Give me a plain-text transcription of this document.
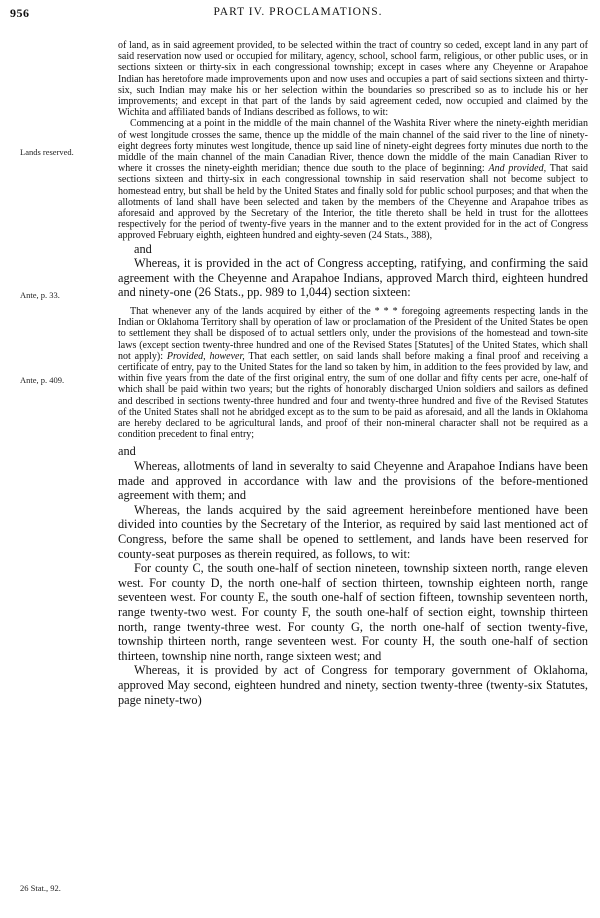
956	PART IV. PROCLAMATIONS.
Lands reserved.
Ante, p. 33.
Ante, p. 409.
26 Stat., 92.

of land, as in said agreement provided, to be selected within the tract of country so ceded, except land in any part of said reservation now used or occupied for military, agency, school, school farm, religious, or other public uses, or in sections sixteen or thirty-six in each congressional township; except in cases where any Cheyenne or Arapahoe Indian has heretofore made improvements upon and now uses and occupies a part of said sections sixteen and thirty-six, such Indian may make his or her selection within the boundaries so prescribed so as to include his or her improvements; and except in that part of the lands by said agreement ceded, now occupied and claimed by the Wichita and affiliated bands of Indians described as follows, to wit:

Commencing at a point in the middle of the main channel of the Washita River where the ninety-eighth meridian of west longitude crosses the same, thence up the middle of the main channel of the said river to the line of ninety-eight degrees forty minutes west longitude, thence up said line of ninety-eight degrees forty minutes due north to the middle of the main channel of the main Canadian River, thence down the middle of the main Canadian River to where it crosses the ninety-eighth meridian; thence due south to the place of beginning: And provided, That said sections sixteen and thirty-six in each congressional township in said reservation shall not become subject to homestead entry, but shall be held by the United States and finally sold for public school purposes; and that when the allotments of land shall have been selected and taken by the members of the Cheyenne and Arapahoe tribes as aforesaid and approved by the Secretary of the Interior, the title thereto shall be held in trust for the allottees respectively for the period of twenty-five years in the manner and to the extent provided for in the act of Congress approved February eighth, eighteen hundred and eighty-seven (24 Stats., 388),

and

Whereas, it is provided in the act of Congress accepting, ratifying, and confirming the said agreement with the Cheyenne and Arapahoe Indians, approved March third, eighteen hundred and ninety-one (26 Stats., pp. 989 to 1,044) section sixteen:

That whenever any of the lands acquired by either of the * * * foregoing agreements respecting lands in the Indian or Oklahoma Territory shall by operation of law or proclamation of the President of the United States be open to settlement they shall be disposed of to actual settlers only, under the provisions of the homestead and town-site laws (except section twenty-three hundred and one of the Revised States [Statutes] of the United States, which shall not apply): Provided, however, That each settler, on said lands shall before making a final proof and receiving a certificate of entry, pay to the United States for the land so taken by him, in addition to the fees provided by law, and within five years from the date of the first original entry, the sum of one dollar and fifty cents per acre, one-half of which shall be paid within two years; but the rights of honorably discharged Union soldiers and sailors as defined and described in sections twenty-three hundred and four and twenty-three hundred and five of the Revised Statutes of the United States shall not he abridged except as to the sum to be paid as aforesaid, and all the lands in Oklahoma are hereby declared to be agricultural lands, and proof of their non-mineral character shall not be required as a condition precedent to final entry;

and

Whereas, allotments of land in severalty to said Cheyenne and Arapahoe Indians have been made and approved in accordance with law and the provisions of the before-mentioned agreement with them; and

Whereas, the lands acquired by the said agreement hereinbefore mentioned have been divided into counties by the Secretary of the Interior, as required by said last mentioned act of Congress, before the same shall be opened to settlement, and lands have been reserved for county-seat purposes as therein required, as follows, to wit:

For county C, the south one-half of section nineteen, township sixteen north, range eleven west. For county D, the north one-half of section thirteen, township eighteen north, range seventeen west. For county E, the south one-half of section fifteen, township seventeen north, range twenty-two west. For county F, the south one-half of section eight, township thirteen north, range twenty-three west. For county G, the north one-half of section twenty-five, township thirteen north, range seventeen west. For county H, the south one-half of section thirteen, township nine north, range sixteen west; and

Whereas, it is provided by act of Congress for temporary government of Oklahoma, approved May second, eighteen hundred and ninety, section twenty-three (twenty-six Statutes, page ninety-two)
